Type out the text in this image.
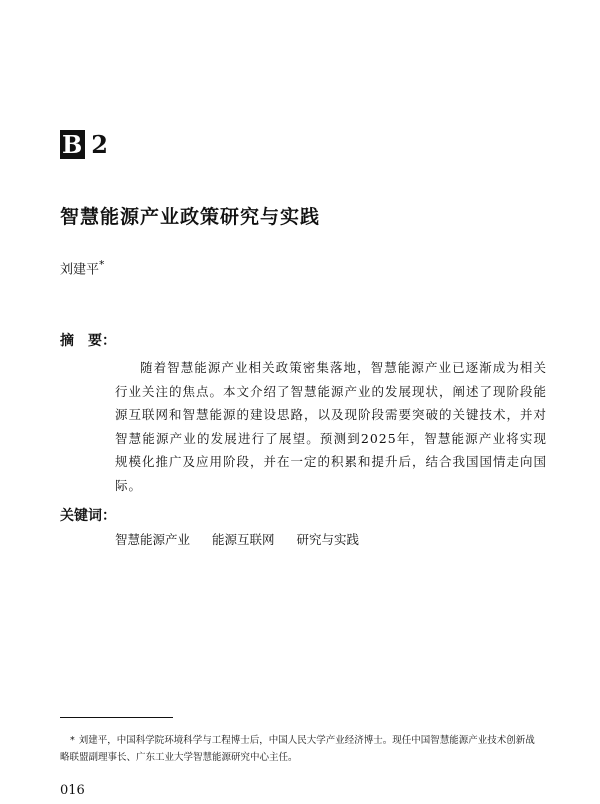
B 2
智慧能源产业政策研究与实践
刘建平*
摘　要：
随着智慧能源产业相关政策密集落地，智慧能源产业已逐渐成为相关行业关注的焦点。本文介绍了智慧能源产业的发展现状，阐述了现阶段能源互联网和智慧能源的建设思路，以及现阶段需要突破的关键技术，并对智慧能源产业的发展进行了展望。预测到2025年，智慧能源产业将实现规模化推广及应用阶段，并在一定的积累和提升后，结合我国国情走向国际。
关键词：
智慧能源产业 能源互联网 研究与实践
* 刘建平，中国科学院环境科学与工程博士后，中国人民大学产业经济博士。现任中国智慧能源产业技术创新战略联盟副理事长、广东工业大学智慧能源研究中心主任。
016
